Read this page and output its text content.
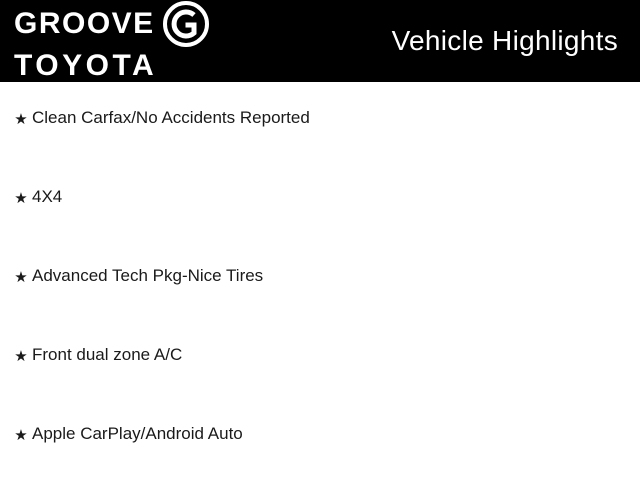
GROOVE
TOYOTA
Vehicle Highlights
★ Clean Carfax/No Accidents Reported
★ 4X4
★ Advanced Tech Pkg-Nice Tires
★ Front dual zone A/C
★ Apple CarPlay/Android Auto
